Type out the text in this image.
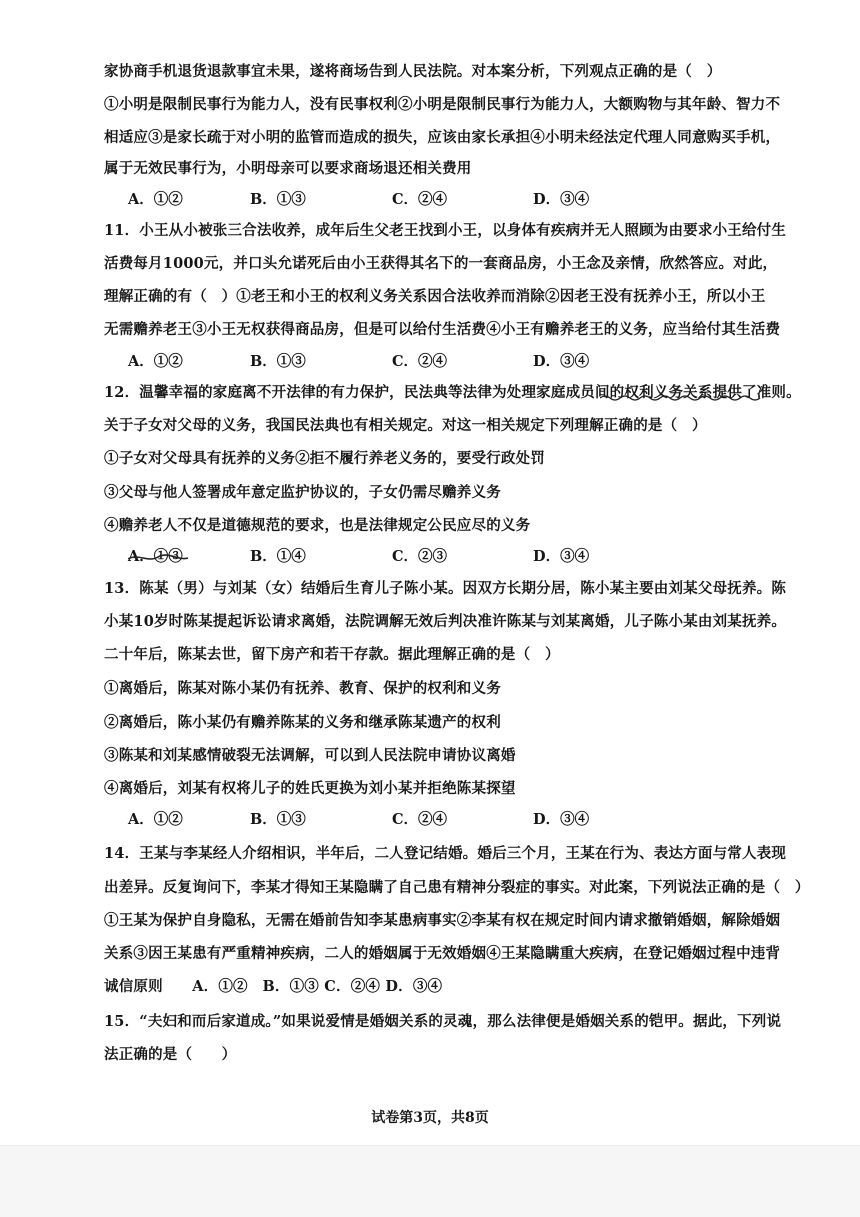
家协商手机退货退款事宜未果，遂将商场告到人民法院。对本案分析，下列观点正确的是（　）
①小明是限制民事行为能力人，没有民事权利②小明是限制民事行为能力人，大额购物与其年龄、智力不
相适应③是家长疏于对小明的监管而造成的损失，应该由家长承担④小明未经法定代理人同意购买手机，
属于无效民事行为，小明母亲可以要求商场退还相关费用
A．①②	B．①③	C．②④	D．③④
11．小王从小被张三合法收养，成年后生父老王找到小王，以身体有疾病并无人照顾为由要求小王给付生
活费每月1000元，并口头允诺死后由小王获得其名下的一套商品房，小王念及亲情，欣然答应。对此，
理解正确的有（　）①老王和小王的权利义务关系因合法收养而消除②因老王没有抚养小王，所以小王
无需赡养老王③小王无权获得商品房，但是可以给付生活费④小王有赡养老王的义务，应当给付其生活费
A．①②	B．①③	C．②④	D．③④
12．温馨幸福的家庭离不开法律的有力保护，民法典等法律为处理家庭成员间的权利义务关系提供了准则。
关于子女对父母的义务，我国民法典也有相关规定。对这一相关规定下列理解正确的是（　）
①子女对父母具有抚养的义务②拒不履行养老义务的，要受行政处罚
③父母与他人签署成年意定监护协议的，子女仍需尽赡养义务
④赡养老人不仅是道德规范的要求，也是法律规定公民应尽的义务
A．①③	B．①④	C．②③	D．③④
13．陈某（男）与刘某（女）结婚后生育儿子陈小某。因双方长期分居，陈小某主要由刘某父母抚养。陈
小某10岁时陈某提起诉讼请求离婚，法院调解无效后判决准许陈某与刘某离婚，儿子陈小某由刘某抚养。
二十年后，陈某去世，留下房产和若干存款。据此理解正确的是（　）
①离婚后，陈某对陈小某仍有抚养、教育、保护的权利和义务
②离婚后，陈小某仍有赡养陈某的义务和继承陈某遗产的权利
③陈某和刘某感情破裂无法调解，可以到人民法院申请协议离婚
④离婚后，刘某有权将儿子的姓氏更换为刘小某并拒绝陈某探望
A．①②	B．①③	C．②④	D．③④
14．王某与李某经人介绍相识，半年后，二人登记结婚。婚后三个月，王某在行为、表达方面与常人表现
出差异。反复询问下，李某才得知王某隐瞒了自己患有精神分裂症的事实。对此案，下列说法正确的是（　）
①王某为保护自身隐私，无需在婚前告知李某患病事实②李某有权在规定时间内请求撤销婚姻，解除婚姻
关系③因王某患有严重精神疾病，二人的婚姻属于无效婚姻④王某隐瞒重大疾病，在登记婚姻过程中违背
诚信原则　　A．①②　B．①③ C．②④ D．③④
15．“夫妇和而后家道成。”如果说爱情是婚姻关系的灵魂，那么法律便是婚姻关系的铠甲。据此，下列说
法正确的是（　　）
试卷第3页，共8页
